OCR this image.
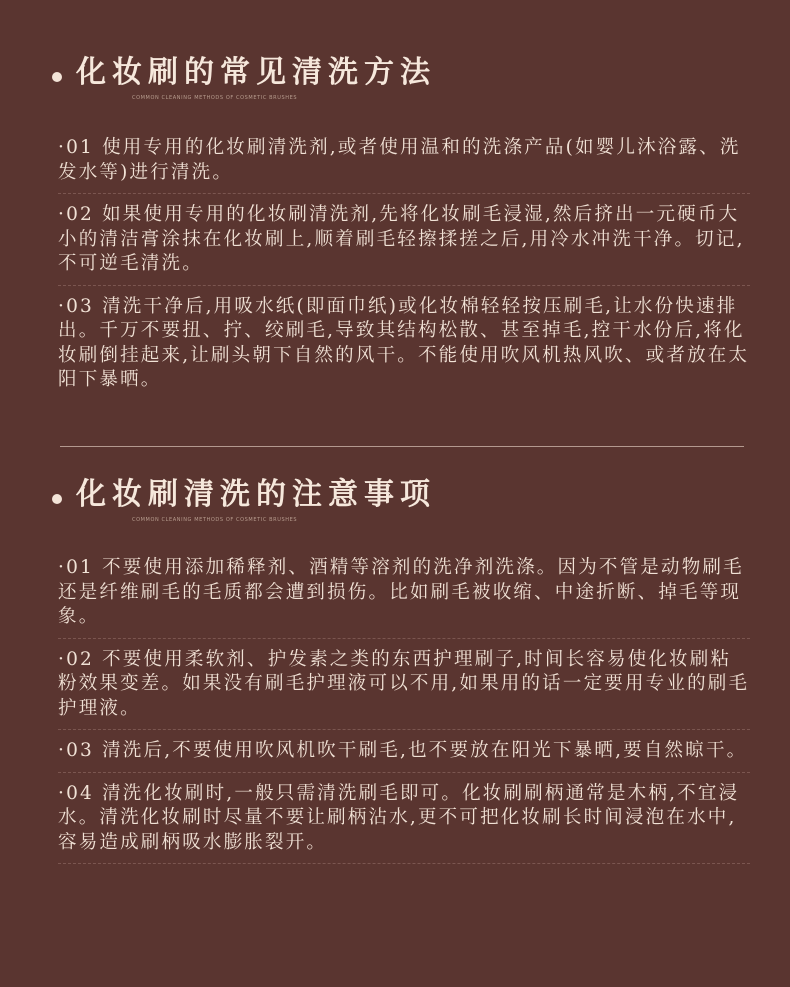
化妆刷的常见清洗方法
COMMON CLEANING METHODS OF COSMETIC BRUSHES

·01 使用专用的化妆刷清洗剂,或者使用温和的洗涤产品(如婴儿沐浴露、洗发水等)进行清洗。

·02 如果使用专用的化妆刷清洗剂,先将化妆刷毛浸湿,然后挤出一元硬币大小的清洁膏涂抹在化妆刷上,顺着刷毛轻擦揉搓之后,用冷水冲洗干净。切记,不可逆毛清洗。

·03 清洗干净后,用吸水纸(即面巾纸)或化妆棉轻轻按压刷毛,让水份快速排出。千万不要扭、拧、绞刷毛,导致其结构松散、甚至掉毛,控干水份后,将化妆刷倒挂起来,让刷头朝下自然的风干。不能使用吹风机热风吹、或者放在太阳下暴晒。

化妆刷清洗的注意事项
COMMON CLEANING METHODS OF COSMETIC BRUSHES

·01 不要使用添加稀释剂、酒精等溶剂的洗净剂洗涤。因为不管是动物刷毛还是纤维刷毛的毛质都会遭到损伤。比如刷毛被收缩、中途折断、掉毛等现象。

·02 不要使用柔软剂、护发素之类的东西护理刷子,时间长容易使化妆刷粘粉效果变差。如果没有刷毛护理液可以不用,如果用的话一定要用专业的刷毛护理液。

·03 清洗后,不要使用吹风机吹干刷毛,也不要放在阳光下暴晒,要自然晾干。

·04 清洗化妆刷时,一般只需清洗刷毛即可。化妆刷刷柄通常是木柄,不宜浸水。清洗化妆刷时尽量不要让刷柄沾水,更不可把化妆刷长时间浸泡在水中,容易造成刷柄吸水膨胀裂开。
